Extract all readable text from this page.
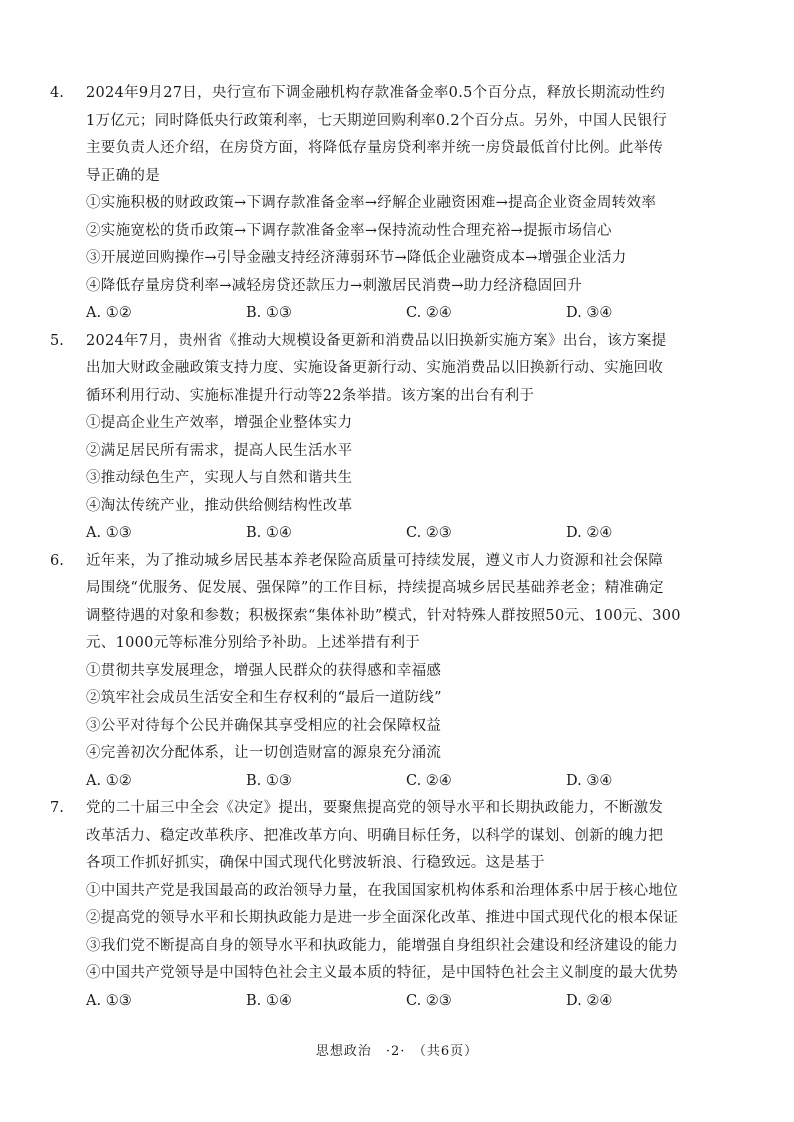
4.	2024年9月27日，央行宣布下调金融机构存款准备金率0.5个百分点，释放长期流动性约
1万亿元；同时降低央行政策利率，七天期逆回购利率0.2个百分点。另外，中国人民银行
主要负责人还介绍，在房贷方面，将降低存量房贷利率并统一房贷最低首付比例。此举传
导正确的是
①实施积极的财政政策→下调存款准备金率→纾解企业融资困难→提高企业资金周转效率
②实施宽松的货币政策→下调存款准备金率→保持流动性合理充裕→提振市场信心
③开展逆回购操作→引导金融支持经济薄弱环节→降低企业融资成本→增强企业活力
④降低存量房贷利率→减轻房贷还款压力→刺激居民消费→助力经济稳固回升
A. ①②	B. ①③	C. ②④	D. ③④
5.	2024年7月，贵州省《推动大规模设备更新和消费品以旧换新实施方案》出台，该方案提
出加大财政金融政策支持力度、实施设备更新行动、实施消费品以旧换新行动、实施回收
循环利用行动、实施标准提升行动等22条举措。该方案的出台有利于
①提高企业生产效率，增强企业整体实力
②满足居民所有需求，提高人民生活水平
③推动绿色生产，实现人与自然和谐共生
④淘汰传统产业，推动供给侧结构性改革
A. ①③	B. ①④	C. ②③	D. ②④
6.	近年来，为了推动城乡居民基本养老保险高质量可持续发展，遵义市人力资源和社会保障
局围绕“优服务、促发展、强保障”的工作目标，持续提高城乡居民基础养老金；精准确定
调整待遇的对象和参数；积极探索“集体补助”模式，针对特殊人群按照50元、100元、300
元、1000元等标准分别给予补助。上述举措有利于
①贯彻共享发展理念，增强人民群众的获得感和幸福感
②筑牢社会成员生活安全和生存权利的“最后一道防线”
③公平对待每个公民并确保其享受相应的社会保障权益
④完善初次分配体系，让一切创造财富的源泉充分涌流
A. ①②	B. ①③	C. ②④	D. ③④
7.	党的二十届三中全会《决定》提出，要聚焦提高党的领导水平和长期执政能力，不断激发
改革活力、稳定改革秩序、把准改革方向、明确目标任务，以科学的谋划、创新的魄力把
各项工作抓好抓实，确保中国式现代化劈波斩浪、行稳致远。这是基于
①中国共产党是我国最高的政治领导力量，在我国国家机构体系和治理体系中居于核心地位
②提高党的领导水平和长期执政能力是进一步全面深化改革、推进中国式现代化的根本保证
③我们党不断提高自身的领导水平和执政能力，能增强自身组织社会建设和经济建设的能力
④中国共产党领导是中国特色社会主义最本质的特征，是中国特色社会主义制度的最大优势
A. ①③	B. ①④	C. ②③	D. ②④
思想政治　·2·　（共6页）
